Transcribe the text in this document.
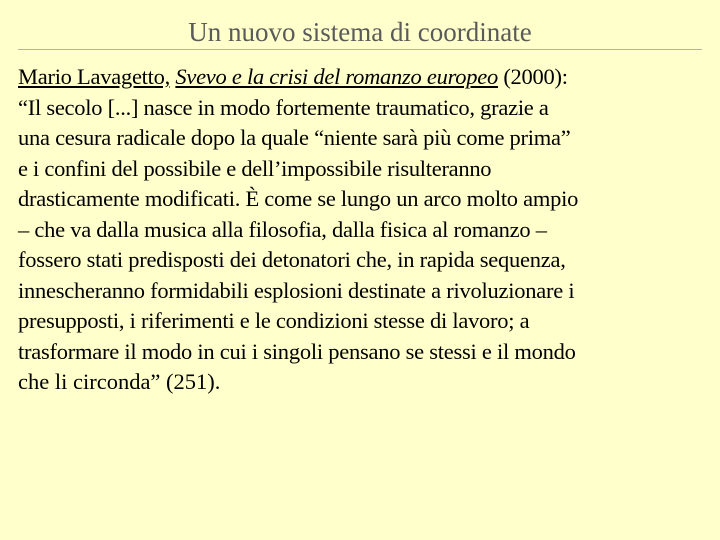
Un nuovo sistema di coordinate
Mario Lavagetto, Svevo e la crisi del romanzo europeo (2000):
“Il secolo [...] nasce in modo fortemente traumatico, grazie a
una cesura radicale dopo la quale “niente sarà più come prima”
e i confini del possibile e dell’impossibile risulteranno
drasticamente modificati. È come se lungo un arco molto ampio
– che va dalla musica alla filosofia, dalla fisica al romanzo –
fossero stati predisposti dei detonatori che, in rapida sequenza,
innescheranno formidabili esplosioni destinate a rivoluzionare i
presupposti, i riferimenti e le condizioni stesse di lavoro; a
trasformare il modo in cui i singoli pensano se stessi e il mondo
che li circonda” (251).
